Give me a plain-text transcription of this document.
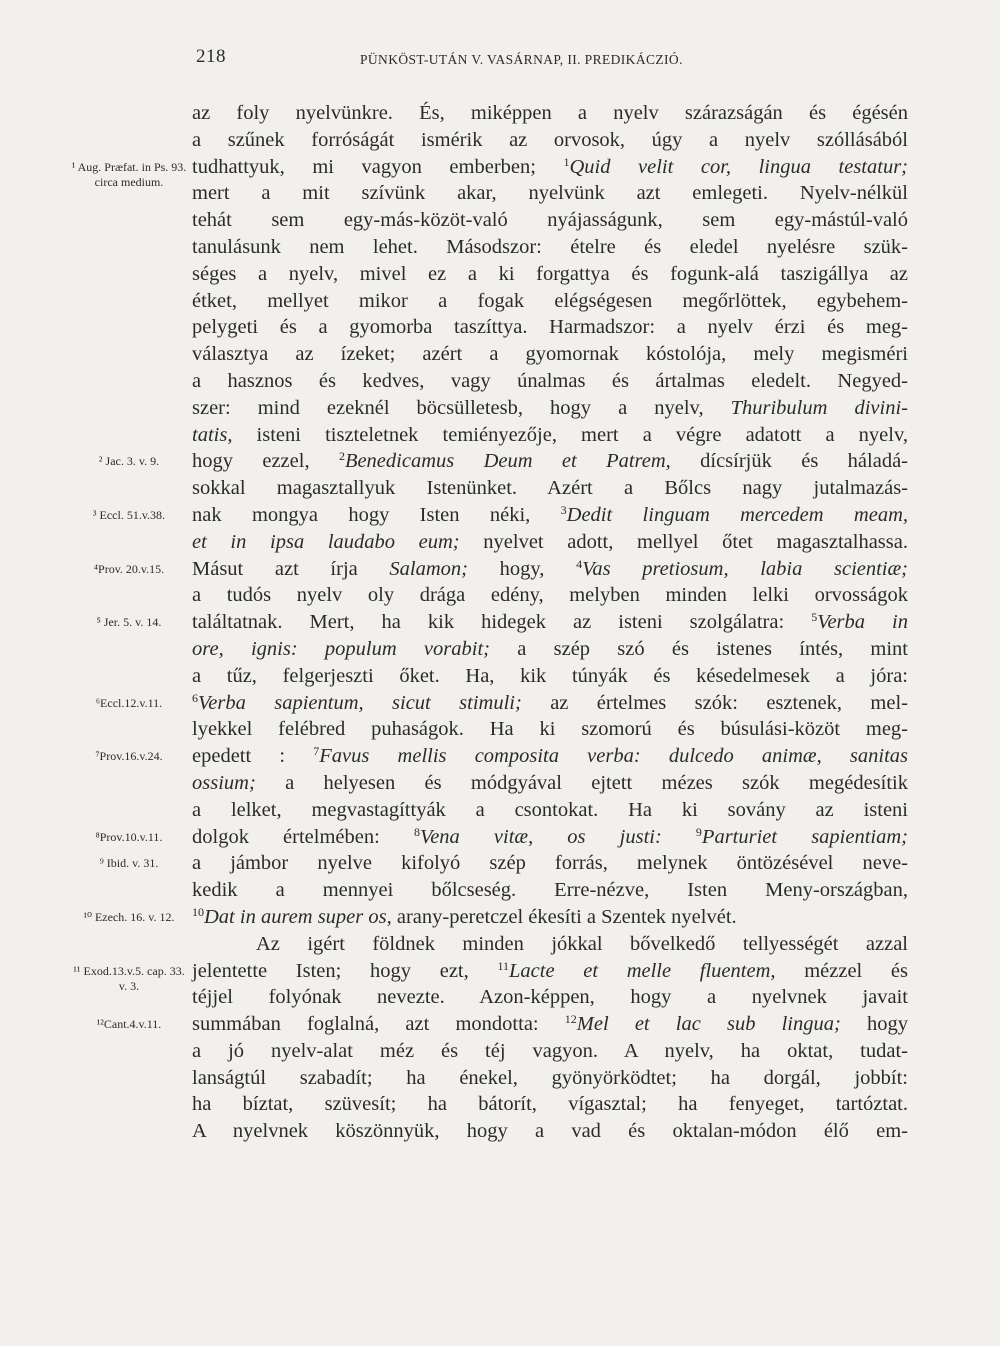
218	PÜNKÖST-UTÁN V. VASÁRNAP, II. PREDIKÁCZIÓ.
¹ Aug. Præfat. in Ps. 93. circa medium.
² Jac. 3. v. 9.
³ Eccl. 51.v.38.
⁴Prov. 20.v.15.
⁵ Jer. 5. v. 14.
⁶Eccl.12.v.11.
⁷Prov.16.v.24.
⁸Prov.10.v.11.
⁹ Ibid. v. 31.
¹⁰ Ezech. 16. v. 12.
¹¹ Exod.13.v.5. cap. 33. v. 3.
¹²Cant.4.v.11.
az foly nyelvünkre. És, miképpen a nyelv szárazságán és égésén
a szűnek forróságát ismérik az orvosok, úgy a nyelv szóllásából
tudhattyuk, mi vagyon emberben; $^1$Quid velit cor, lingua testatur;
mert a mit szívünk akar, nyelvünk azt emlegeti. Nyelv-nélkül
tehát sem egy-más-közöt-való nyájasságunk, sem egy-mástúl-való
tanulásunk nem lehet. Másodszor: ételre és eledel nyelésre szük-
séges a nyelv, mivel ez a ki forgattya és fogunk-alá taszigállya az
étket, mellyet mikor a fogak elégségesen megőrlöttek, egybehem-
pelygeti és a gyomorba taszíttya. Harmadszor: a nyelv érzi és meg-
választya az ízeket; azért a gyomornak kóstolója, mely megisméri
a hasznos és kedves, vagy únalmas és ártalmas eledelt. Negyed-
szer: mind ezeknél böcsülletesb, hogy a nyelv, Thuribulum divini-
tatis, isteni tiszteletnek temiényezője, mert a végre adatott a nyelv,
hogy ezzel, $^2$Benedicamus Deum et Patrem, dícsírjük és háladá-
sokkal magasztallyuk Istenünket. Azért a Bőlcs nagy jutalmazás-
nak mongya hogy Isten néki, $^3$Dedit linguam mercedem meam,
et in ipsa laudabo eum; nyelvet adott, mellyel őtet magasztalhassa.
Másut azt írja Salamon; hogy, $^4$Vas pretiosum, labia scientiæ;
a tudós nyelv oly drága edény, melyben minden lelki orvosságok
találtatnak. Mert, ha kik hidegek az isteni szolgálatra: $^5$Verba in
ore, ignis: populum vorabit; a szép szó és istenes íntés, mint
a tűz, felgerjeszti őket. Ha, kik túnyák és késedelmesek a jóra:
$^6$Verba sapientum, sicut stimuli; az értelmes szók: esztenek, mel-
lyekkel felébred puhaságok. Ha ki szomorú és búsulási-közöt meg-
epedett : $^7$Favus mellis composita verba: dulcedo animæ, sanitas
ossium; a helyesen és módgyával ejtett mézes szók megédesítik
a lelket, megvastagíttyák a csontokat. Ha ki sovány az isteni
dolgok értelmében: $^8$Vena vitæ, os justi: $^9$Parturiet sapientiam;
a jámbor nyelve kifolyó szép forrás, melynek öntözésével neve-
kedik a mennyei bőlcseség. Erre-nézve, Isten Meny-országban,
$^{10}$Dat in aurem super os, arany-peretczel ékesíti a Szentek nyelvét.
Az igért földnek minden jókkal bővelkedő tellyességét azzal
jelentette Isten; hogy ezt, $^{11}$Lacte et melle fluentem, mézzel és
téjjel folyónak nevezte. Azon-képpen, hogy a nyelvnek javait
summában foglalná, azt mondotta: $^{12}$Mel et lac sub lingua; hogy
a jó nyelv-alat méz és téj vagyon. A nyelv, ha oktat, tudat-
lanságtúl szabadít; ha énekel, gyönyörködtet; ha dorgál, jobbít:
ha bíztat, szüvesít; ha bátorít, vígasztal; ha fenyeget, tartóztat.
A nyelvnek köszönnyük, hogy a vad és oktalan-módon élő em-
